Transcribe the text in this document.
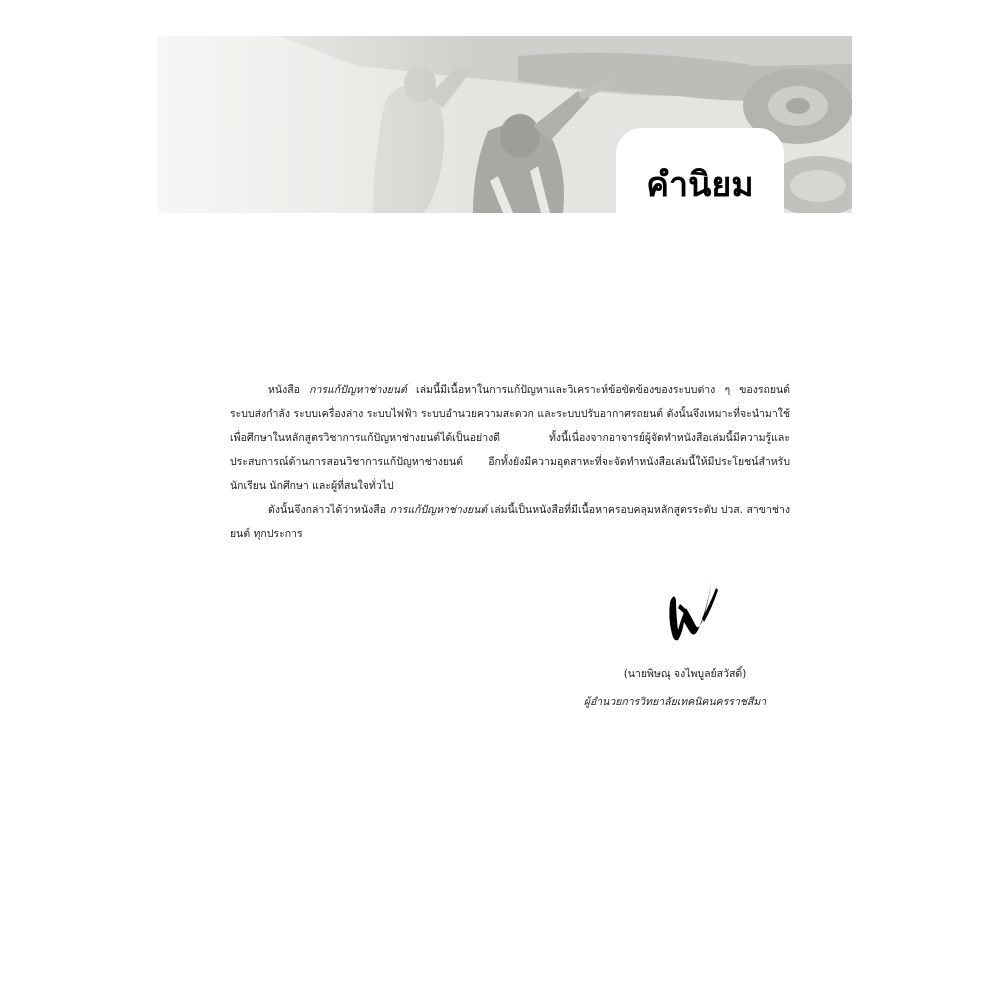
คำนิยม

หนังสือ การแก้ปัญหาช่างยนต์ เล่มนี้มีเนื้อหาในการแก้ปัญหาและวิเคราะห์ข้อขัดข้องของระบบต่าง ๆ ของรถยนต์ ระบบส่งกำลัง ระบบเครื่องล่าง ระบบไฟฟ้า ระบบอำนวยความสะดวก และระบบปรับอากาศรถยนต์ ดังนั้นจึงเหมาะที่จะนำมาใช้เพื่อศึกษาในหลักสูตรวิชาการแก้ปัญหาช่างยนต์ได้เป็นอย่างดี ทั้งนี้เนื่องจากอาจารย์ผู้จัดทำหนังสือเล่มนี้มีความรู้และประสบการณ์ด้านการสอนวิชาการแก้ปัญหาช่างยนต์ อีกทั้งยังมีความอุตสาหะที่จะจัดทำหนังสือเล่มนี้ให้มีประโยชน์สำหรับนักเรียน นักศึกษา และผู้ที่สนใจทั่วไป

ดังนั้นจึงกล่าวได้ว่าหนังสือ การแก้ปัญหาช่างยนต์ เล่มนี้เป็นหนังสือที่มีเนื้อหาครอบคลุมหลักสูตรระดับ ปวส. สาขาช่างยนต์ ทุกประการ

(นายพิษณุ จงไพบูลย์สวัสดิ์)
ผู้อำนวยการวิทยาลัยเทคนิคนครราชสีมา
